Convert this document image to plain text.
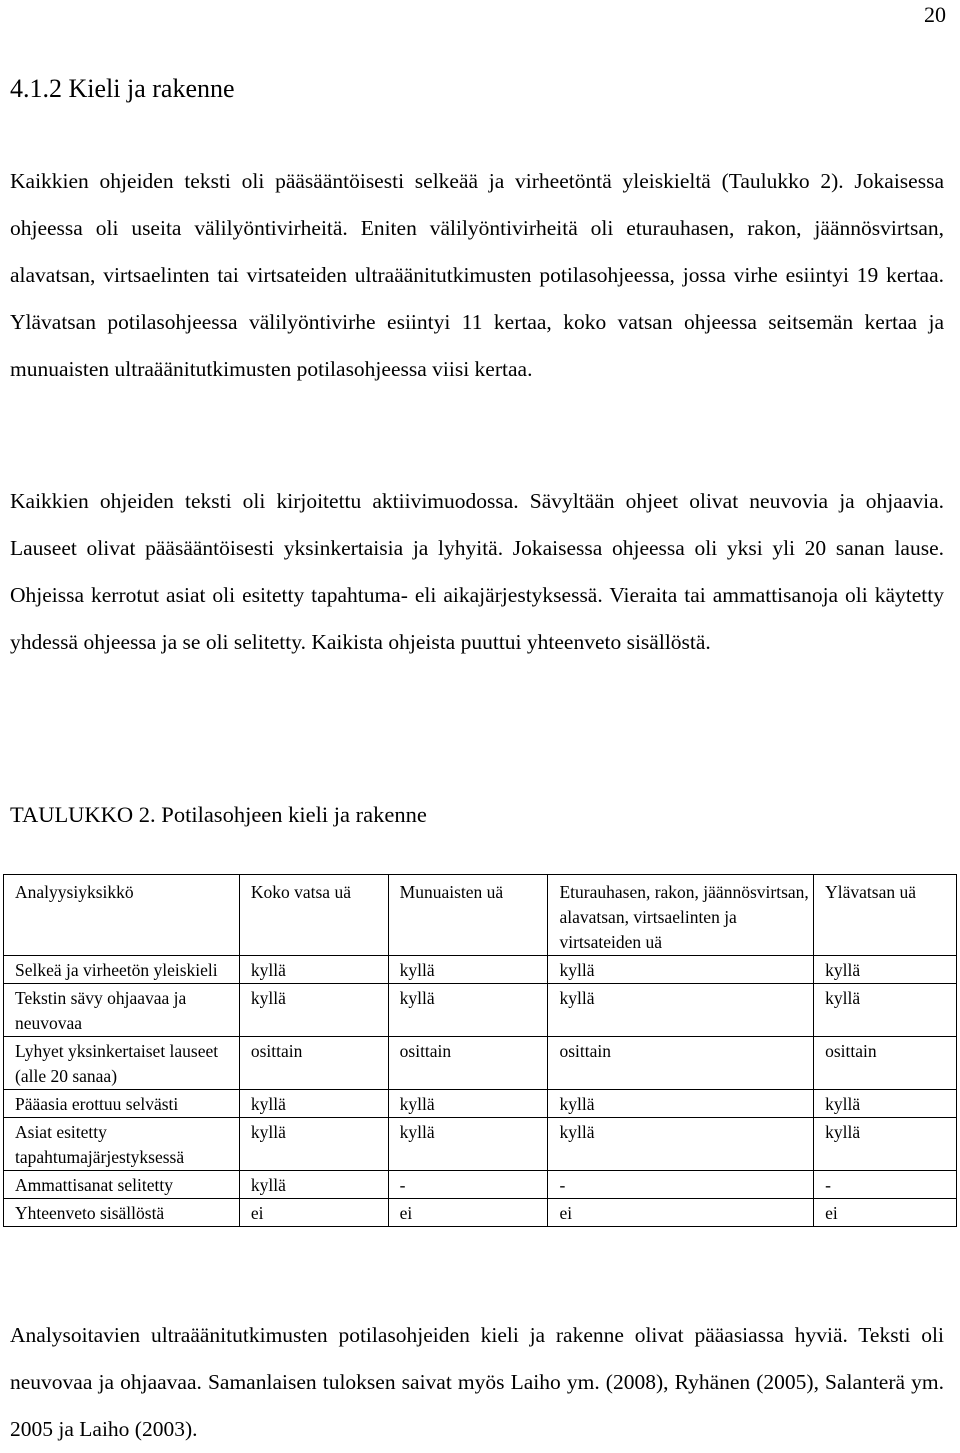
20
4.1.2 Kieli ja rakenne

Kaikkien ohjeiden teksti oli pääsääntöisesti selkeää ja virheetöntä yleiskieltä (Taulukko 2). Jokaisessa ohjeessa oli useita välilyöntivirheitä. Eniten välilyöntivirheitä oli eturauhasen, rakon, jäännösvirtsan, alavatsan, virtsaelinten tai virtsateiden ultraäänitutkimusten potilasohjeessa, jossa virhe esiintyi 19 kertaa. Ylävatsan potilasohjeessa välilyöntivirhe esiintyi 11 kertaa, koko vatsan ohjeessa seitsemän kertaa ja munuaisten ultraäänitutkimusten potilasohjeessa viisi kertaa.

Kaikkien ohjeiden teksti oli kirjoitettu aktiivimuodossa. Sävyltään ohjeet olivat neuvovia ja ohjaavia. Lauseet olivat pääsääntöisesti yksinkertaisia ja lyhyitä. Jokaisessa ohjeessa oli yksi yli 20 sanan lause. Ohjeissa kerrotut asiat oli esitetty tapahtuma- eli aikajärjestyksessä. Vieraita tai ammattisanoja oli käytetty yhdessä ohjeessa ja se oli selitetty. Kaikista ohjeista puuttui yhteenveto sisällöstä.

TAULUKKO 2. Potilasohjeen kieli ja rakenne

Analyysiyksikkö	Koko vatsa uä	Munuaisten uä	Eturauhasen, rakon, jäännösvirtsan, alavatsan, virtsaelinten ja virtsateiden uä	Ylävatsan uä
Selkeä ja virheetön yleiskieli	kyllä	kyllä	kyllä	kyllä
Tekstin sävy ohjaavaa ja neuvovaa	kyllä	kyllä	kyllä	kyllä
Lyhyet yksinkertaiset lauseet (alle 20 sanaa)	osittain	osittain	osittain	osittain
Pääasia erottuu selvästi	kyllä	kyllä	kyllä	kyllä
Asiat esitetty tapahtumajärjestyksessä	kyllä	kyllä	kyllä	kyllä
Ammattisanat selitetty	kyllä	-	-	-
Yhteenveto sisällöstä	ei	ei	ei	ei

Analysoitavien ultraäänitutkimusten potilasohjeiden kieli ja rakenne olivat pääasiassa hyviä. Teksti oli neuvovaa ja ohjaavaa. Samanlaisen tuloksen saivat myös Laiho ym. (2008), Ryhänen (2005), Salanterä ym. 2005 ja Laiho (2003).
